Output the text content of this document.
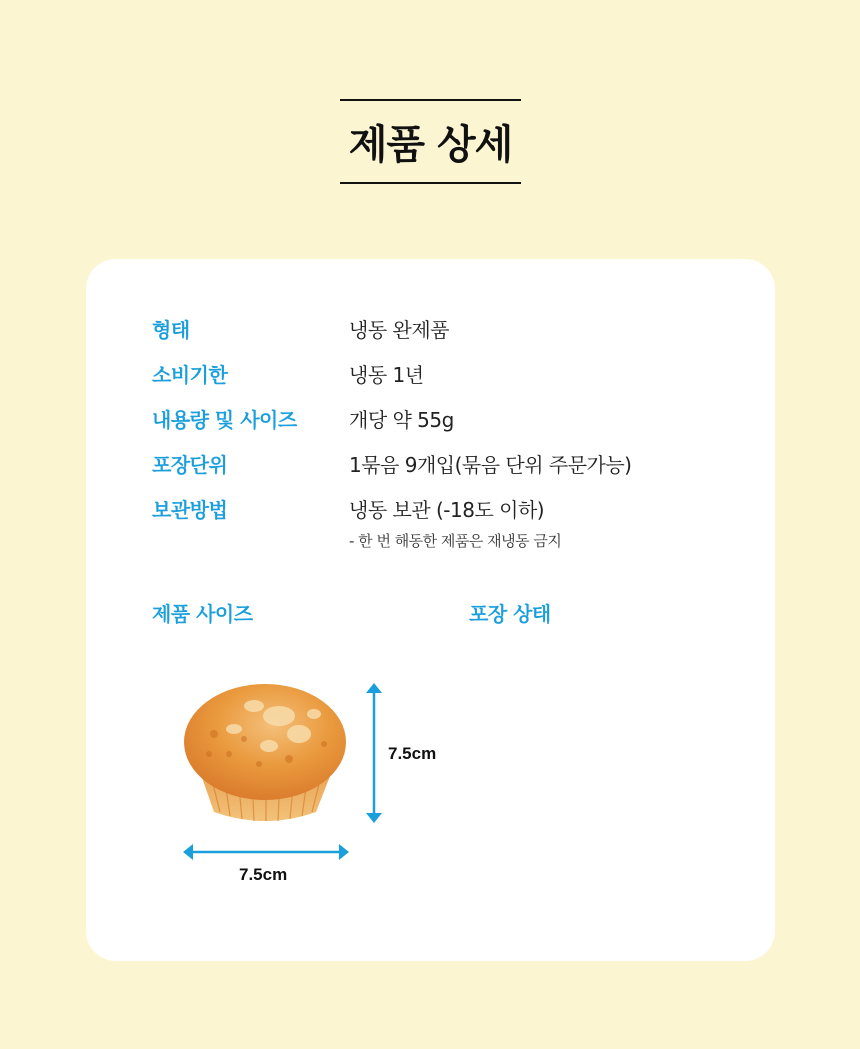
제품 상세
형태	냉동 완제품
소비기한	냉동 1년
내용량 및 사이즈	개당 약 55g
포장단위	1묶음 9개입(묶음 단위 주문가능)
보관방법	냉동 보관 (-18도 이하)
- 한 번 해동한 제품은 재냉동 금지
제품 사이즈	포장 상태
7.5cm
7.5cm
